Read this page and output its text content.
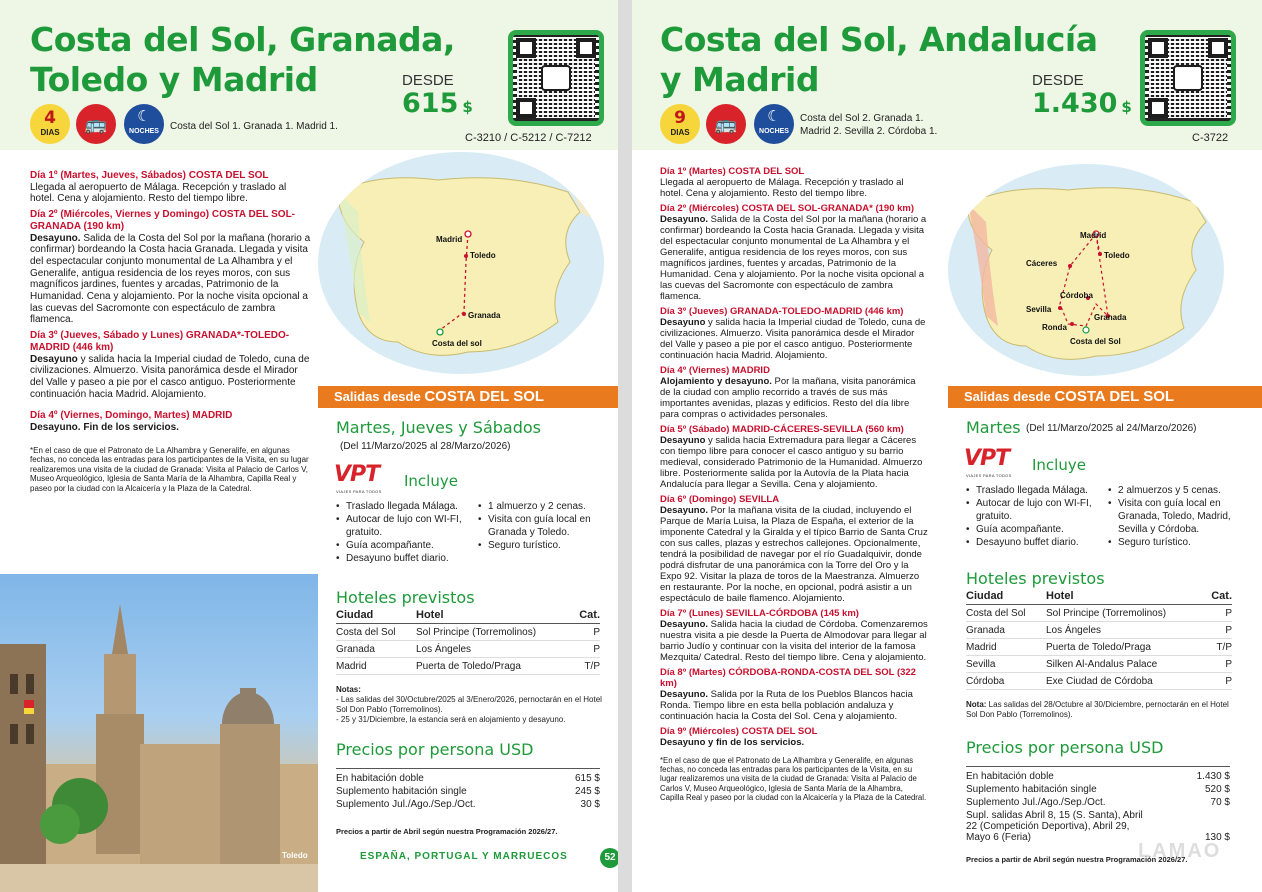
Costa del Sol, Granada,
Toledo y Madrid	DESDE
615 $
C-3210 / C-5212 / C-7212
4
DIAS	🚌	☾
NOCHES	Costa del Sol 1. Granada 1. Madrid 1.
Día 1º (Martes, Jueves, Sábados) COSTA DEL SOL
Llegada al aeropuerto de Málaga. Recepción y traslado al hotel. Cena y alojamiento. Resto del tiempo libre.
Día 2º (Miércoles, Viernes y Domingo) COSTA DEL SOL-GRANADA (190 km)
Desayuno. Salida de la Costa del Sol por la mañana (horario a confirmar) bordeando la Costa hacia Granada. Llegada y visita del espectacular conjunto monumental de La Alhambra y el Generalife, antigua residencia de los reyes moros, con sus magníficos jardines, fuentes y arcadas, Patrimonio de la Humanidad. Cena y alojamiento. Por la noche visita opcional a las cuevas del Sacromonte con espectáculo de zambra flamenca.
Día 3º (Jueves, Sábado y Lunes) GRANADA*-TOLEDO-MADRID (446 km)
Desayuno y salida hacia la Imperial ciudad de Toledo, cuna de civilizaciones. Almuerzo. Visita panorámica desde el Mirador del Valle y paseo a pie por el casco antiguo. Posteriormente continuación hacia Madrid. Alojamiento.
Día 4º (Viernes, Domingo, Martes) MADRID
Desayuno. Fin de los servicios.
*En el caso de que el Patronato de La Alhambra y Generalife, en algunas fechas, no conceda las entradas para los participantes de la Visita, en su lugar realizaremos una visita de la ciudad de Granada: Visita al Palacio de Carlos V, Museo Arqueológico, Iglesia de Santa María de la Alhambra, Capilla Real y paseo por la ciudad con la Alcaicería y la Plaza de la Catedral.
Madrid
Toledo
Granada
Costa del sol
Salidas desde COSTA DEL SOL
Martes, Jueves y Sábados
(Del 11/Marzo/2025 al 28/Marzo/2026)
VPT
VIAJES PARA TODOS
Incluye
• Traslado llegada Málaga.
• Autocar de lujo con WI-FI, gratuito.
• Guía acompañante.
• Desayuno buffet diario.
• 1 almuerzo y 2 cenas.
• Visita con guía local en Granada y Toledo.
• Seguro turístico.
Hoteles previstos
Ciudad	Hotel	Cat.
Costa del Sol	Sol Principe (Torremolinos)	P
Granada	Los Ángeles	P
Madrid	Puerta de Toledo/Praga	T/P
Notas:
- Las salidas del 30/Octubre/2025 al 3/Enero/2026, pernoctarán en el Hotel Sol Don Pablo (Torremolinos).
- 25 y 31/Diciembre, la estancia será en alojamiento y desayuno.
Precios por persona USD
En habitación doble	615 $
Suplemento habitación single	245 $
Suplemento Jul./Ago./Sep./Oct.	30 $
Precios a partir de Abril según nuestra Programación 2026/27.
Toledo	ESPAÑA, PORTUGAL Y MARRUECOS	52
Costa del Sol, Andalucía
y Madrid	DESDE
1.430 $
C-3722
9
DIAS	🚌	☾
NOCHES
Costa del Sol 2. Granada 1.
Madrid 2. Sevilla 2. Córdoba 1.
Día 1º (Martes) COSTA DEL SOL
Llegada al aeropuerto de Málaga. Recepción y traslado al hotel. Cena y alojamiento. Resto del tiempo libre.
Día 2º (Miércoles) COSTA DEL SOL-GRANADA* (190 km)
Desayuno. Salida de la Costa del Sol por la mañana (horario a confirmar) bordeando la Costa hacia Granada. Llegada y visita del espectacular conjunto monumental de La Alhambra y el Generalife, antigua residencia de los reyes moros, con sus magníficos jardines, fuentes y arcadas, Patrimonio de la Humanidad. Cena y alojamiento. Por la noche visita opcional a las cuevas del Sacromonte con espectáculo de zambra flamenca.
Día 3º (Jueves) GRANADA-TOLEDO-MADRID (446 km)
Desayuno y salida hacia la Imperial ciudad de Toledo, cuna de civilizaciones. Almuerzo. Visita panorámica desde el Mirador del Valle y paseo a pie por el casco antiguo. Posteriormente continuación hacia Madrid. Alojamiento.
Día 4º (Viernes) MADRID
Alojamiento y desayuno. Por la mañana, visita panorámica de la ciudad con amplio recorrido a través de sus más importantes avenidas, plazas y edificios. Resto del día libre para compras o actividades personales.
Día 5º (Sábado) MADRID-CÁCERES-SEVILLA (560 km)
Desayuno y salida hacia Extremadura para llegar a Cáceres con tiempo libre para conocer el casco antiguo y su barrio medieval, considerado Patrimonio de la Humanidad. Almuerzo libre. Posteriormente salida por la Autovía de la Plata hacia Andalucía para llegar a Sevilla. Cena y alojamiento.
Día 6º (Domingo) SEVILLA
Desayuno. Por la mañana visita de la ciudad, incluyendo el Parque de María Luisa, la Plaza de España, el exterior de la imponente Catedral y la Giralda y el típico Barrio de Santa Cruz con sus calles, plazas y estrechos callejones. Opcionalmente, tendrá la posibilidad de navegar por el río Guadalquivir, donde podrá disfrutar de una panorámica con la Torre del Oro y la Expo 92. Visitar la plaza de toros de la Maestranza. Almuerzo en restaurante. Por la noche, en opcional, podrá asistir a un espectáculo de baile flamenco. Alojamiento.
Día 7º (Lunes) SEVILLA-CÓRDOBA (145 km)
Desayuno. Salida hacia la ciudad de Córdoba. Comenzaremos nuestra visita a pie desde la Puerta de Almodovar para llegar al barrio Judío y continuar con la visita del interior de la famosa Mezquita/ Catedral. Resto del tiempo libre. Cena y alojamiento.
Día 8º (Martes) CÓRDOBA-RONDA-COSTA DEL SOL (322 km)
Desayuno. Salida por la Ruta de los Pueblos Blancos hacia Ronda. Tiempo libre en esta bella población andaluza y continuación hacia la Costa del Sol. Cena y alojamiento.
Día 9º (Miércoles) COSTA DEL SOL
Desayuno y fin de los servicios.
*En el caso de que el Patronato de La Alhambra y Generalife, en algunas fechas, no conceda las entradas para los participantes de la Visita, en su lugar realizaremos una visita de la ciudad de Granada: Visita al Palacio de Carlos V, Museo Arqueológico, Iglesia de Santa María de la Alhambra, Capilla Real y paseo por la ciudad con la Alcaicería y la Plaza de la Catedral.
Madrid
Toledo
Cáceres
Córdoba
Sevilla
Granada
Ronda
Costa del Sol
Salidas desde COSTA DEL SOL
Martes (Del 11/Marzo/2025 al 24/Marzo/2026)
VPT
VIAJES PARA TODOS
Incluye
• Traslado llegada Málaga.
• Autocar de lujo con WI-FI, gratuito.
• Guía acompañante.
• Desayuno buffet diario.
• 2 almuerzos y 5 cenas.
• Visita con guía local en Granada, Toledo, Madrid, Sevilla y Córdoba.
• Seguro turístico.
Hoteles previstos
Ciudad	Hotel	Cat.
Costa del Sol	Sol Principe (Torremolinos)	P
Granada	Los Ángeles	P
Madrid	Puerta de Toledo/Praga	T/P
Sevilla	Silken Al-Andalus Palace	P
Córdoba	Exe Ciudad de Córdoba	P
Nota: Las salidas del 28/Octubre al 30/Diciembre, pernoctarán en el Hotel Sol Don Pablo (Torremolinos).
Precios por persona USD
En habitación doble	1.430 $
Suplemento habitación single	520 $
Suplemento Jul./Ago./Sep./Oct.	70 $
Supl. salidas Abril 8, 15 (S. Santa), Abril 22 (Competición Deportiva), Abril 29, Mayo 6 (Feria)	130 $
Precios a partir de Abril según nuestra Programación 2026/27.
LAMAO
